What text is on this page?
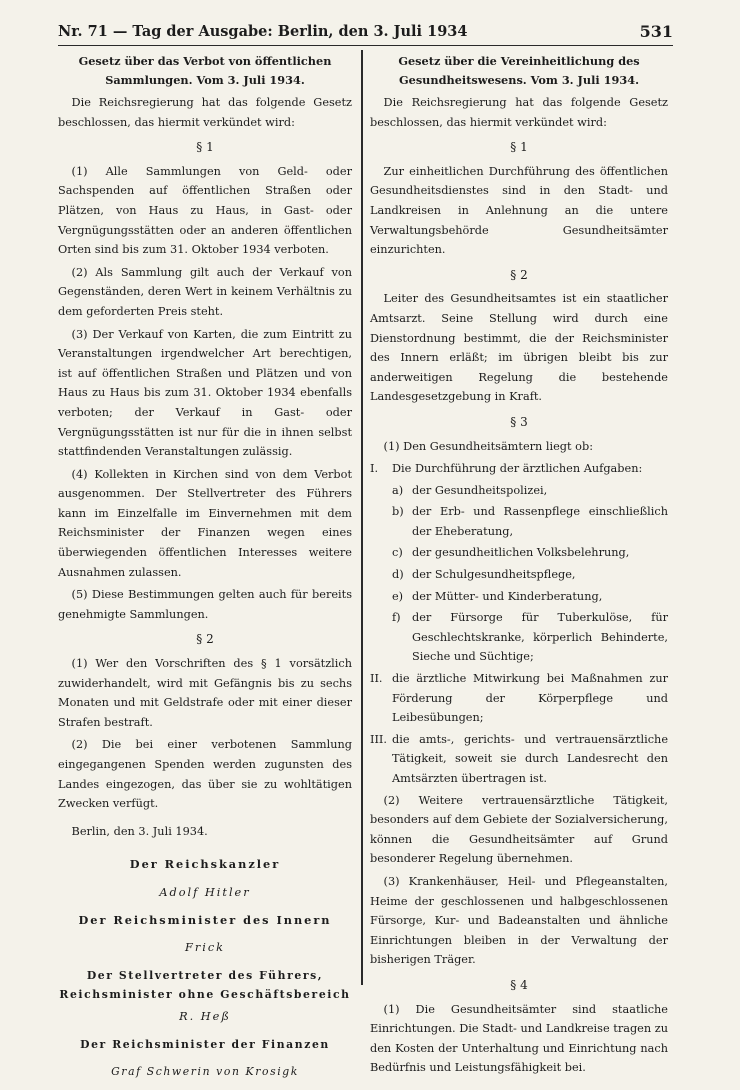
Nr. 71 — Tag der Ausgabe: Berlin, den 3. Juli 1934	531

Gesetz über das Verbot von öffentlichen Sammlungen. Vom 3. Juli 1934.

Die Reichsregierung hat das folgende Gesetz beschlossen, das hiermit verkündet wird:

§ 1

(1) Alle Sammlungen von Geld- oder Sachspenden auf öffentlichen Straßen oder Plätzen, von Haus zu Haus, in Gast- oder Vergnügungsstätten oder an anderen öffentlichen Orten sind bis zum 31. Oktober 1934 verboten.

(2) Als Sammlung gilt auch der Verkauf von Gegenständen, deren Wert in keinem Verhältnis zu dem geforderten Preis steht.

(3) Der Verkauf von Karten, die zum Eintritt zu Veranstaltungen irgendwelcher Art berechtigen, ist auf öffentlichen Straßen und Plätzen und von Haus zu Haus bis zum 31. Oktober 1934 ebenfalls verboten; der Verkauf in Gast- oder Vergnügungsstätten ist nur für die in ihnen selbst stattfindenden Veranstaltungen zulässig.

(4) Kollekten in Kirchen sind von dem Verbot ausgenommen. Der Stellvertreter des Führers kann im Einzelfalle im Einvernehmen mit dem Reichsminister der Finanzen wegen eines überwiegenden öffentlichen Interesses weitere Ausnahmen zulassen.

(5) Diese Bestimmungen gelten auch für bereits genehmigte Sammlungen.

§ 2

(1) Wer den Vorschriften des § 1 vorsätzlich zuwiderhandelt, wird mit Gefängnis bis zu sechs Monaten und mit Geldstrafe oder mit einer dieser Strafen bestraft.

(2) Die bei einer verbotenen Sammlung eingegangenen Spenden werden zugunsten des Landes eingezogen, das über sie zu wohltätigen Zwecken verfügt.

Berlin, den 3. Juli 1934.

Der Reichskanzler

Adolf Hitler

Der Reichsminister des Innern

Frick

Der Stellvertreter des Führers,

Reichsminister ohne Geschäftsbereich

R. Heß

Der Reichsminister der Finanzen

Graf Schwerin von Krosigk

Gesetz über die Vereinheitlichung des Gesundheitswesens. Vom 3. Juli 1934.

Die Reichsregierung hat das folgende Gesetz beschlossen, das hiermit verkündet wird:

§ 1

Zur einheitlichen Durchführung des öffentlichen Gesundheitsdienstes sind in den Stadt- und Landkreisen in Anlehnung an die untere Verwaltungsbehörde Gesundheitsämter einzurichten.

§ 2

Leiter des Gesundheitsamtes ist ein staatlicher Amtsarzt. Seine Stellung wird durch eine Dienstordnung bestimmt, die der Reichsminister des Innern erläßt; im übrigen bleibt bis zur anderweitigen Regelung die bestehende Landesgesetzgebung in Kraft.

§ 3

(1) Den Gesundheitsämtern liegt ob:

I. Die Durchführung der ärztlichen Aufgaben:

a) der Gesundheitspolizei,

b) der Erb- und Rassenpflege einschließlich der Eheberatung,

c) der gesundheitlichen Volksbelehrung,

d) der Schulgesundheitspflege,

e) der Mütter- und Kinderberatung,

f) der Fürsorge für Tuberkulöse, für Geschlechtskranke, körperlich Behinderte, Sieche und Süchtige;

II. die ärztliche Mitwirkung bei Maßnahmen zur Förderung der Körperpflege und Leibesübungen;

III. die amts-, gerichts- und vertrauensärztliche Tätigkeit, soweit sie durch Landesrecht den Amtsärzten übertragen ist.

(2) Weitere vertrauensärztliche Tätigkeit, besonders auf dem Gebiete der Sozialversicherung, können die Gesundheitsämter auf Grund besonderer Regelung übernehmen.

(3) Krankenhäuser, Heil- und Pflegeanstalten, Heime der geschlossenen und halbgeschlossenen Fürsorge, Kur- und Badeanstalten und ähnliche Einrichtungen bleiben in der Verwaltung der bisherigen Träger.

§ 4

(1) Die Gesundheitsämter sind staatliche Einrichtungen. Die Stadt- und Landkreise tragen zu den Kosten der Unterhaltung und Einrichtung nach Bedürfnis und Leistungsfähigkeit bei.
